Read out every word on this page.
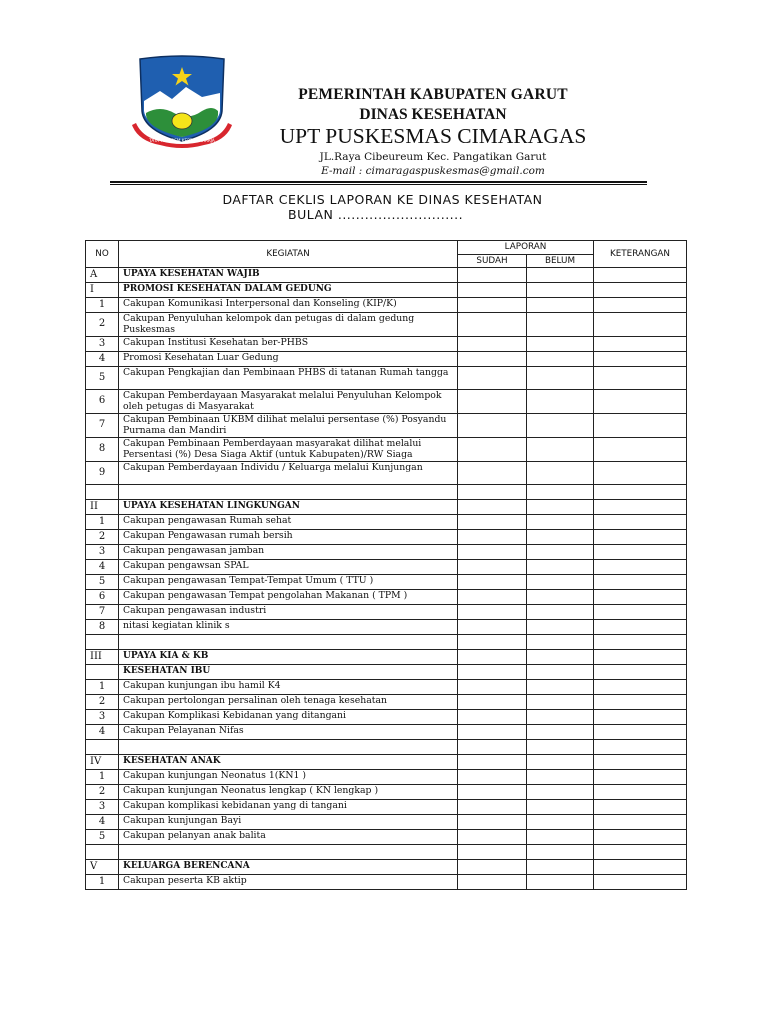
TATA TENTREM KERTA RAHARJA
PEMERINTAH KABUPATEN GARUT
DINAS KESEHATAN
UPT PUSKESMAS CIMARAGAS
JL.Raya Cibeureum Kec. Pangatikan Garut
E-mail : cimaragaspuskesmas@gmail.com
DAFTAR CEKLIS LAPORAN KE DINAS KESEHATAN
BULAN ............................
NO	KEGIATAN	LAPORAN		KETERANGAN
		SUDAH	BELUM	
A	UPAYA KESEHATAN WAJIB			
I	PROMOSI KESEHATAN DALAM GEDUNG			
1	Cakupan Komunikasi Interpersonal dan Konseling (KIP/K)			
2	Cakupan Penyuluhan kelompok dan petugas di dalam gedung Puskesmas			
3	Cakupan Institusi Kesehatan ber-PHBS			
4	Promosi Kesehatan Luar Gedung			
5	Cakupan Pengkajian dan Pembinaan PHBS di tatanan Rumah tangga			
6	Cakupan Pemberdayaan Masyarakat melalui Penyuluhan Kelompok oleh petugas di Masyarakat			
7	Cakupan Pembinaan UKBM dilihat melalui persentase (%) Posyandu Purnama dan Mandiri			
8	Cakupan Pembinaan Pemberdayaan masyarakat dilihat melalui Persentasi (%) Desa Siaga Aktif (untuk Kabupaten)/RW Siaga			
9	Cakupan Pemberdayaan Individu / Keluarga melalui Kunjungan			

II	UPAYA KESEHATAN LINGKUNGAN			
1	Cakupan pengawasan Rumah sehat			
2	Cakupan Pengawasan rumah bersih			
3	Cakupan pengawasan jamban			
4	Cakupan pengawsan SPAL			
5	Cakupan pengawasan Tempat-Tempat Umum ( TTU )			
6	Cakupan pengawasan Tempat pengolahan Makanan ( TPM )			
7	Cakupan pengawasan industri			
8	nitasi kegiatan klinik s			

III	UPAYA KIA & KB			
	KESEHATAN IBU			
1	Cakupan kunjungan ibu hamil K4			
2	Cakupan pertolongan persalinan oleh tenaga kesehatan			
3	Cakupan Komplikasi Kebidanan yang ditangani			
4	Cakupan Pelayanan Nifas			

IV	KESEHATAN ANAK			
1	Cakupan kunjungan Neonatus 1(KN1 )			
2	Cakupan kunjungan Neonatus lengkap ( KN lengkap )			
3	Cakupan komplikasi kebidanan yang di tangani			
4	Cakupan kunjungan Bayi			
5	Cakupan pelanyan anak balita			

V	KELUARGA BERENCANA			
1	Cakupan peserta KB aktip			
